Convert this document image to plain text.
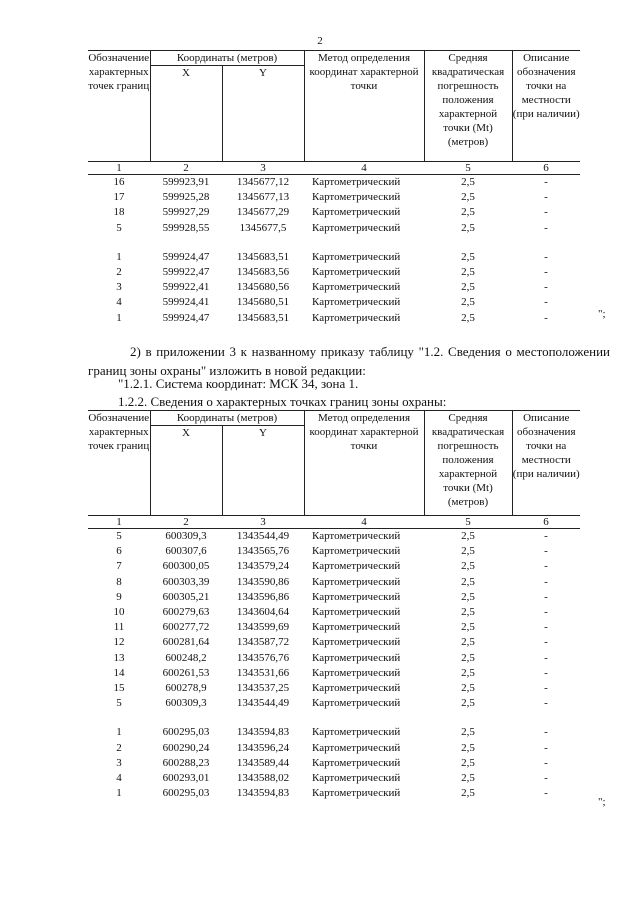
2
Обозначение характерных точек границ	Координаты (метров)		Метод определения координат характерной точки	Средняя квадратическая погрешность положения характерной точки (Mt) (метров)	Описание обозначения точки на местности (при наличии)
	X	Y			
1	2	3	4	5	6
16	599923,91	1345677,12	Картометрический	2,5	-
17	599925,28	1345677,13	Картометрический	2,5	-
18	599927,29	1345677,29	Картометрический	2,5	-
5	599928,55	1345677,5	Картометрический	2,5	-

1	599924,47	1345683,51	Картометрический	2,5	-
2	599922,47	1345683,56	Картометрический	2,5	-
3	599922,41	1345680,56	Картометрический	2,5	-
4	599924,41	1345680,51	Картометрический	2,5	-
1	599924,47	1345683,51	Картометрический	2,5	-	";
2) в приложении 3 к названному приказу таблицу "1.2. Сведения о местоположении границ зоны охраны" изложить в новой редакции:
"1.2.1. Система координат: МСК 34, зона 1.
1.2.2. Сведения о характерных точках границ зоны охраны:
Обозначение характерных точек границ	Координаты (метров)		Метод определения координат характерной точки	Средняя квадратическая погрешность положения характерной точки (Mt) (метров)	Описание обозначения точки на местности (при наличии)
	X	Y			
1	2	3	4	5	6
5	600309,3	1343544,49	Картометрический	2,5	-
6	600307,6	1343565,76	Картометрический	2,5	-
7	600300,05	1343579,24	Картометрический	2,5	-
8	600303,39	1343590,86	Картометрический	2,5	-
9	600305,21	1343596,86	Картометрический	2,5	-
10	600279,63	1343604,64	Картометрический	2,5	-
11	600277,72	1343599,69	Картометрический	2,5	-
12	600281,64	1343587,72	Картометрический	2,5	-
13	600248,2	1343576,76	Картометрический	2,5	-
14	600261,53	1343531,66	Картометрический	2,5	-
15	600278,9	1343537,25	Картометрический	2,5	-
5	600309,3	1343544,49	Картометрический	2,5	-

1	600295,03	1343594,83	Картометрический	2,5	-
2	600290,24	1343596,24	Картометрический	2,5	-
3	600288,23	1343589,44	Картометрический	2,5	-
4	600293,01	1343588,02	Картометрический	2,5	-
1	600295,03	1343594,83	Картометрический	2,5	-
";
